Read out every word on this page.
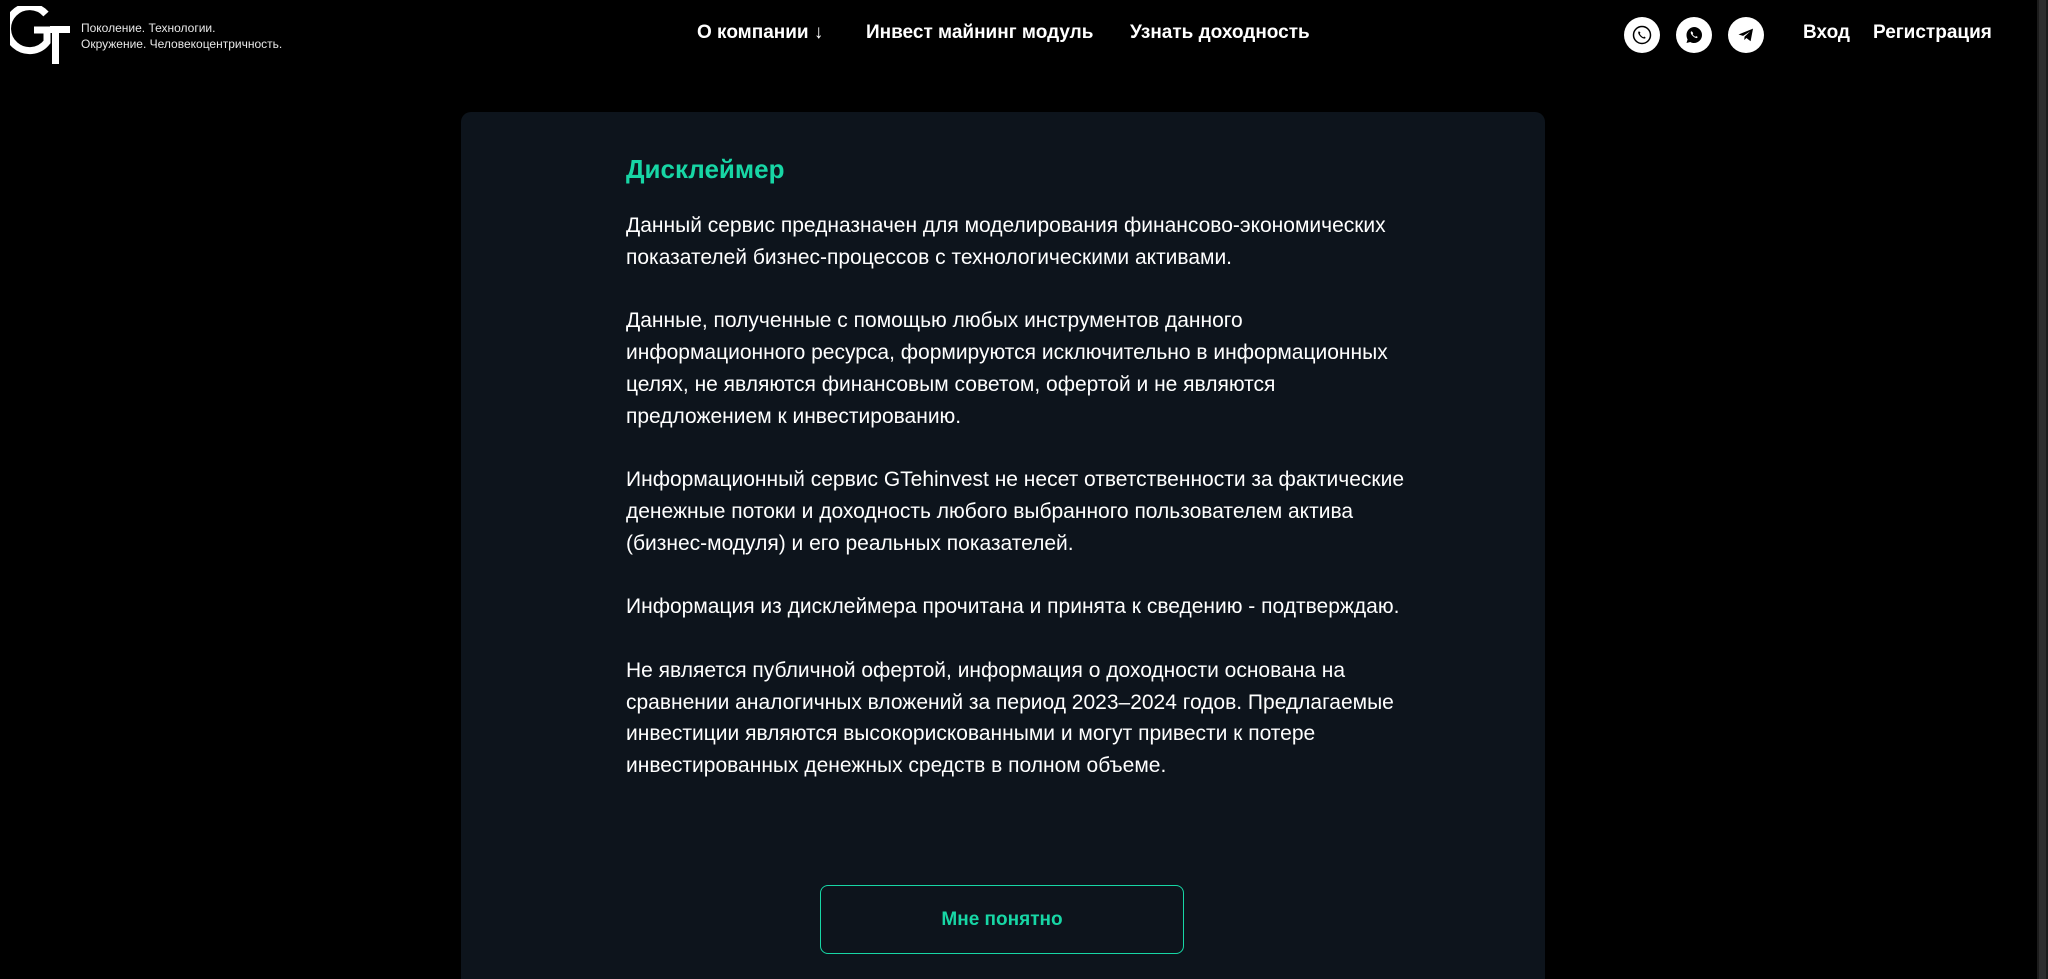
Поколение. Технологии.
Окружение. Человекоцентричность.
О компании ↓ Инвест майнинг модуль Узнать доходность	Вход Регистрация
Дисклеймер

Данный сервис предназначен для моделирования финансово-экономических показателей бизнес-процессов с технологическими активами.

Данные, полученные с помощью любых инструментов данного информационного ресурса, формируются исключительно в информационных целях, не являются финансовым советом, офертой и не являются предложением к инвестированию.

Информационный сервис GTehinvest не несет ответственности за фактические денежные потоки и доходность любого выбранного пользователем актива (бизнес-модуля) и его реальных показателей.

Информация из дисклеймера прочитана и принята к сведению - подтверждаю.

Не является публичной офертой, информация о доходности основана на сравнении аналогичных вложений за период 2023–2024 годов. Предлагаемые инвестиции являются высокорискованными и могут привести к потере инвестированных денежных средств в полном объеме.

Мне понятно
